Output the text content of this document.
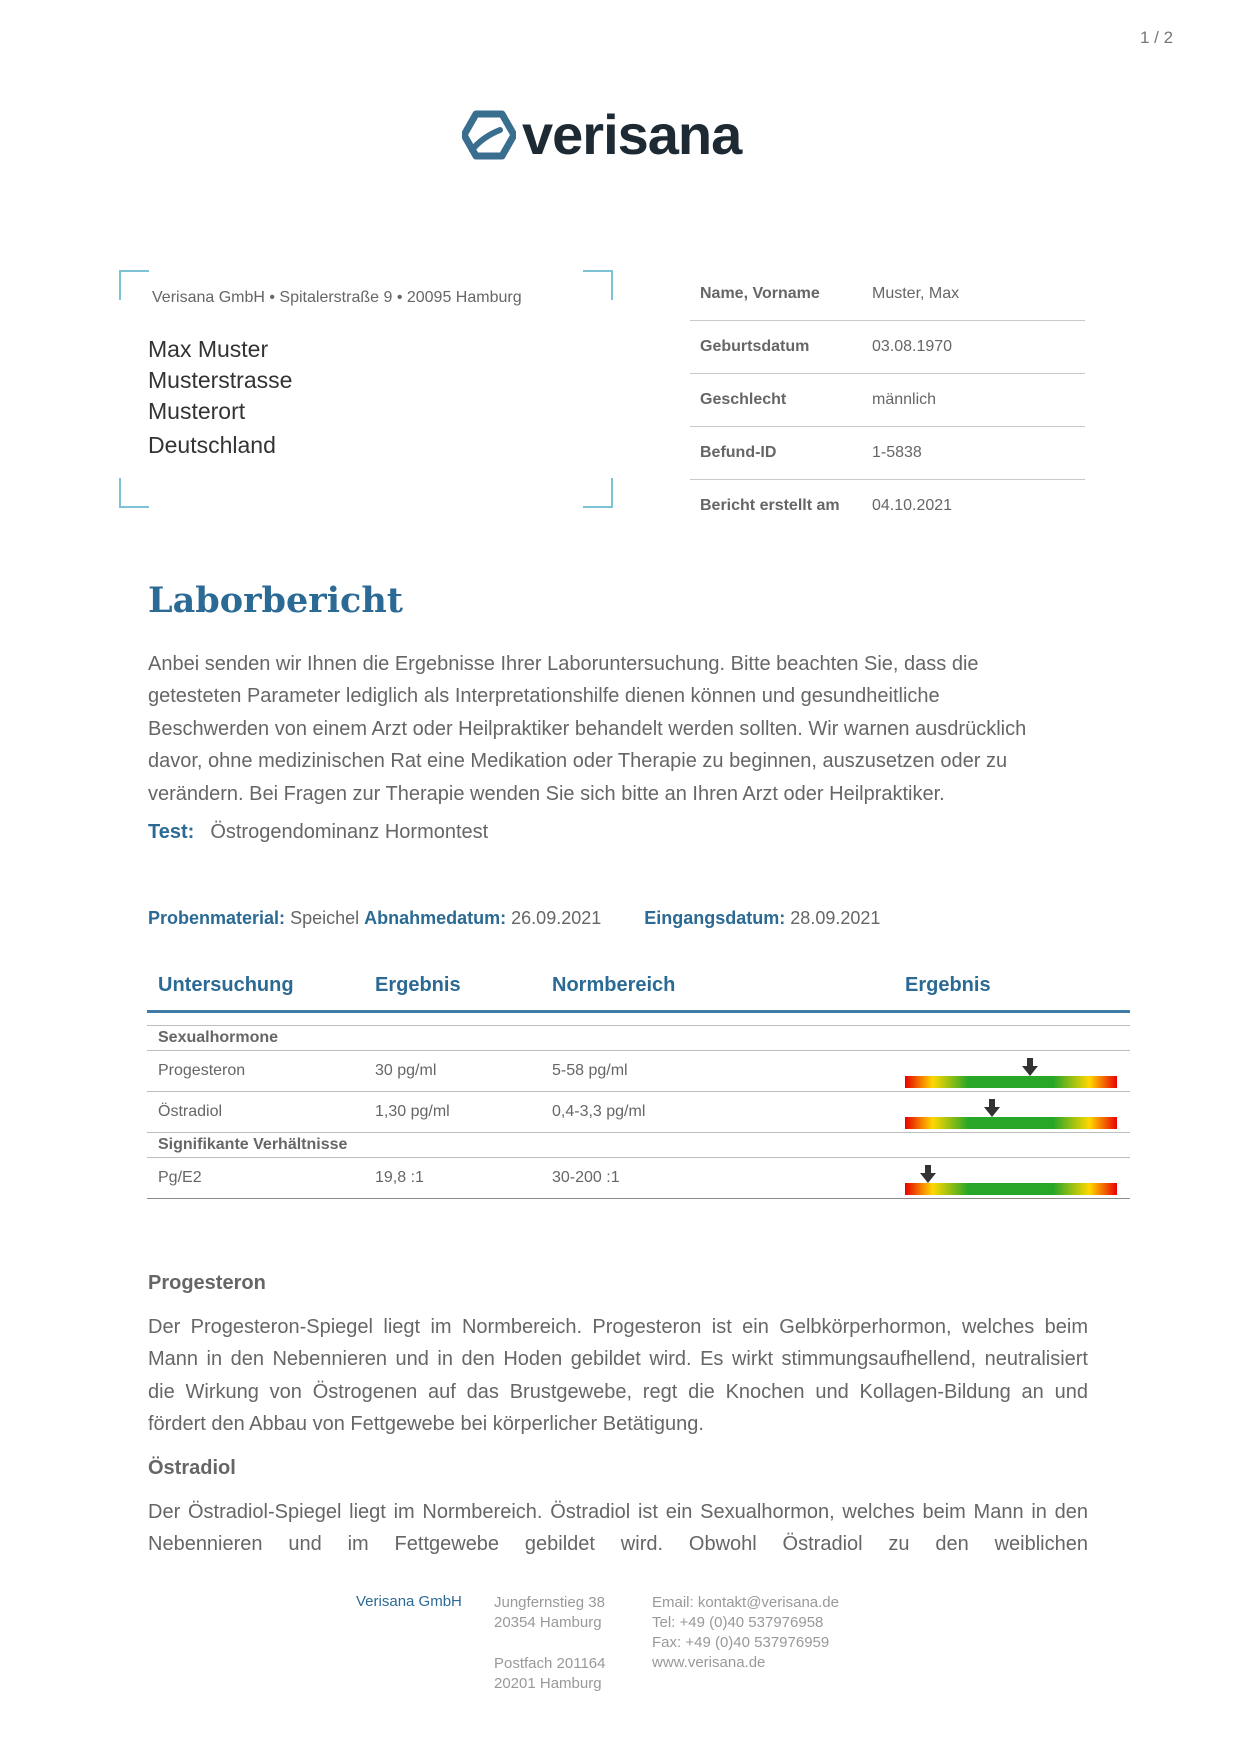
1 / 2
verisana
Verisana GmbH • Spitalerstraße 9 • 20095 Hamburg
Max Muster
Musterstrasse
Musterort
Deutschland
Name, Vorname	Muster, Max
Geburtsdatum	03.08.1970
Geschlecht	männlich
Befund-ID	1-5838
Bericht erstellt am	04.10.2021
Laborbericht
Anbei senden wir Ihnen die Ergebnisse Ihrer Laboruntersuchung. Bitte beachten Sie, dass die
getesteten Parameter lediglich als Interpretationshilfe dienen können und gesundheitliche
Beschwerden von einem Arzt oder Heilpraktiker behandelt werden sollten. Wir warnen ausdrücklich
davor, ohne medizinischen Rat eine Medikation oder Therapie zu beginnen, auszusetzen oder zu
verändern. Bei Fragen zur Therapie wenden Sie sich bitte an Ihren Arzt oder Heilpraktiker.
Test: Östrogendominanz Hormontest
Probenmaterial: Speichel Abnahmedatum: 26.09.2021 Eingangsdatum: 28.09.2021
Untersuchung	Ergebnis	Normbereich	Ergebnis
Sexualhormone
Progesteron	30 pg/ml	5-58 pg/ml
Östradiol	1,30 pg/ml	0,4-3,3 pg/ml
Signifikante Verhältnisse
Pg/E2	19,8 :1	30-200 :1
Progesteron
Der Progesteron-Spiegel liegt im Normbereich. Progesteron ist ein Gelbkörperhormon, welches beim
Mann in den Nebennieren und in den Hoden gebildet wird. Es wirkt stimmungsaufhellend, neutralisiert
die Wirkung von Östrogenen auf das Brustgewebe, regt die Knochen und Kollagen-Bildung an und
fördert den Abbau von Fettgewebe bei körperlicher Betätigung.
Östradiol
Der Östradiol-Spiegel liegt im Normbereich. Östradiol ist ein Sexualhormon, welches beim Mann in den
Nebennieren und im Fettgewebe gebildet wird. Obwohl Östradiol zu den weiblichen
Verisana GmbH Jungfernstieg 38
20354 Hamburg
Postfach 201164
20201 Hamburg
Email: kontakt@verisana.de
Tel: +49 (0)40 537976958
Fax: +49 (0)40 537976959
www.verisana.de
